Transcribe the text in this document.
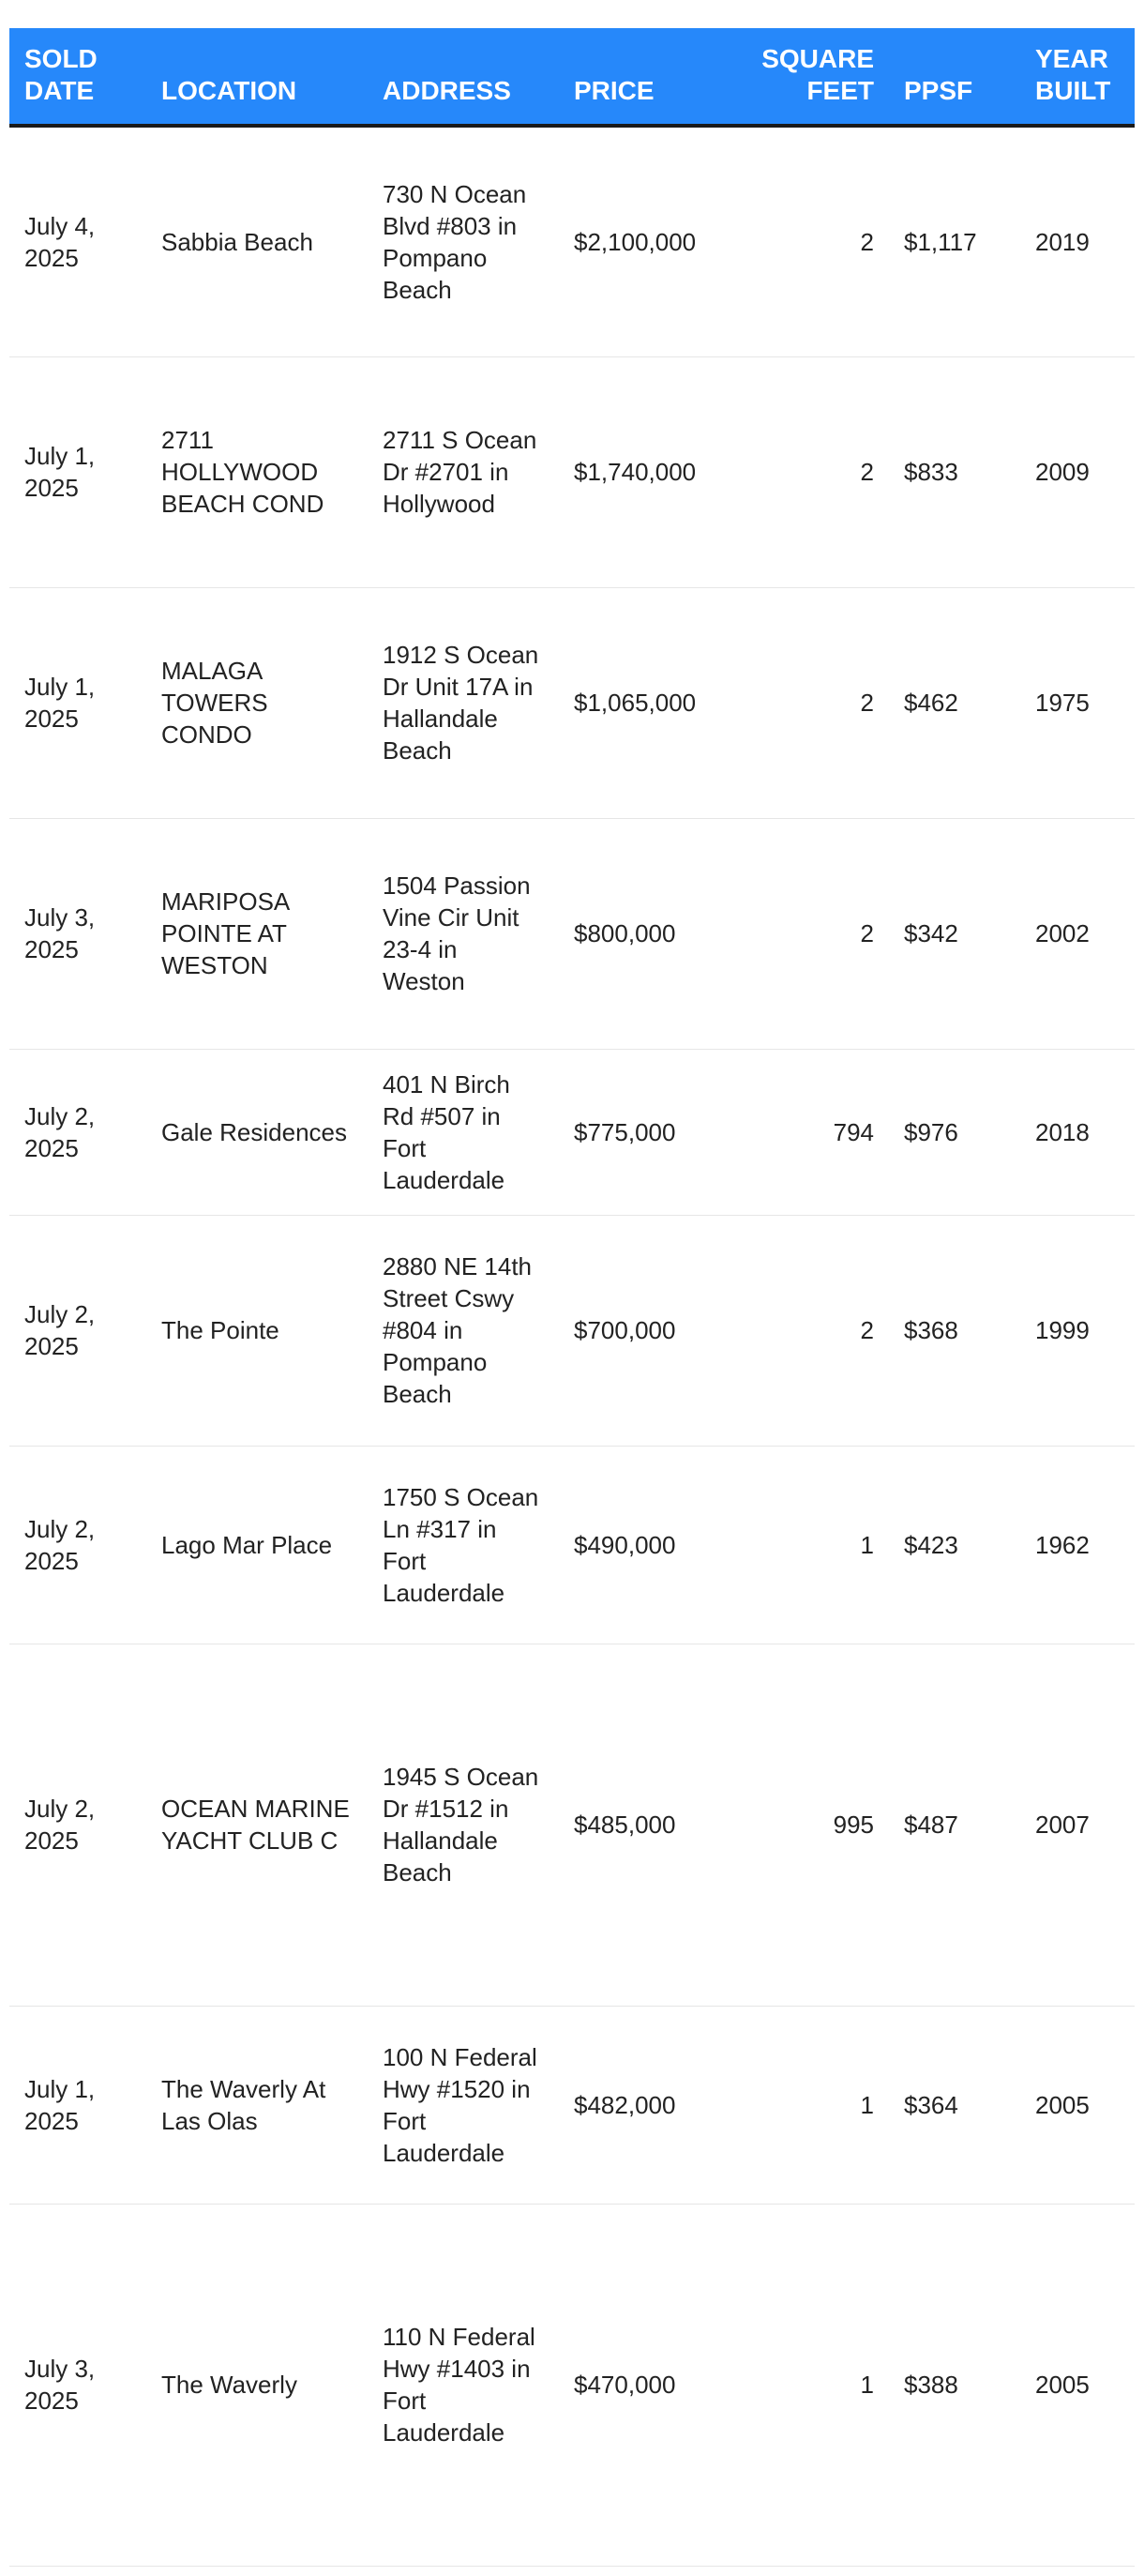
SOLD DATE	LOCATION	ADDRESS	PRICE	SQUARE FEET	PPSF	YEAR BUILT
July 4, 2025	Sabbia Beach	730 N Ocean Blvd #803 in Pompano Beach	$2,100,000	2	$1,117	2019
July 1, 2025	2711 HOLLYWOOD BEACH COND	2711 S Ocean Dr #2701 in Hollywood	$1,740,000	2	$833	2009
July 1, 2025	MALAGA TOWERS CONDO	1912 S Ocean Dr Unit 17A in Hallandale Beach	$1,065,000	2	$462	1975
July 3, 2025	MARIPOSA POINTE AT WESTON	1504 Passion Vine Cir Unit 23-4 in Weston	$800,000	2	$342	2002
July 2, 2025	Gale Residences	401 N Birch Rd #507 in Fort Lauderdale	$775,000	794	$976	2018
July 2, 2025	The Pointe	2880 NE 14th Street Cswy #804 in Pompano Beach	$700,000	2	$368	1999
July 2, 2025	Lago Mar Place	1750 S Ocean Ln #317 in Fort Lauderdale	$490,000	1	$423	1962
July 2, 2025	OCEAN MARINE YACHT CLUB C	1945 S Ocean Dr #1512 in Hallandale Beach	$485,000	995	$487	2007
July 1, 2025	The Waverly At Las Olas	100 N Federal Hwy #1520 in Fort Lauderdale	$482,000	1	$364	2005
July 3, 2025	The Waverly	110 N Federal Hwy #1403 in Fort Lauderdale	$470,000	1	$388	2005
